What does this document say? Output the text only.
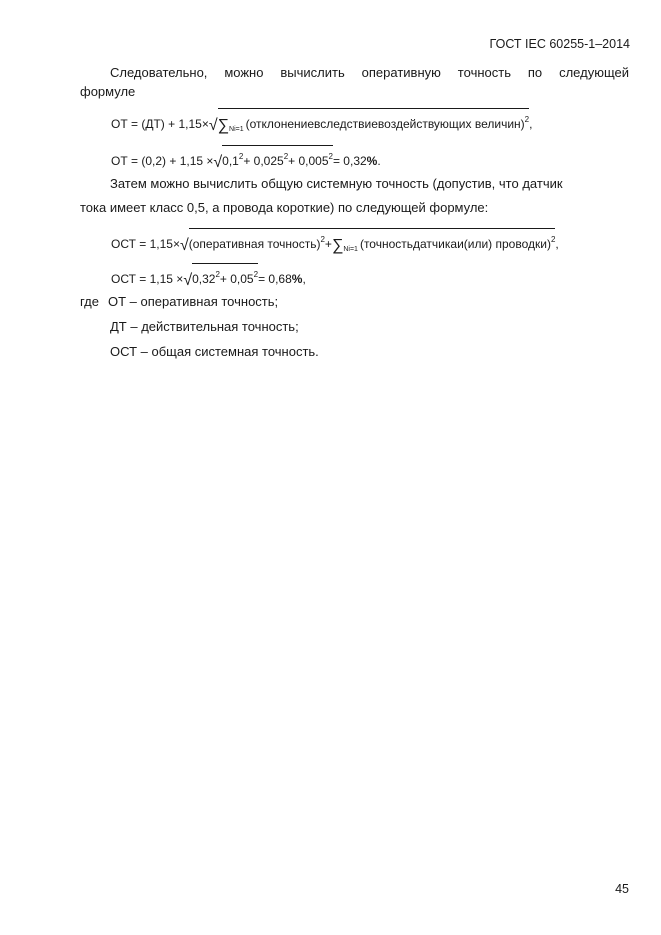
ГОСТ IEC 60255-1–2014
Следовательно, можно вычислить оперативную точность по следующей
формуле
ОТ = (ДТ) + 1,15×√∑Ni=1 (отклонениевследствиевоздействующих величин)2,
ОТ = (0,2) + 1,15 ×√0,12+ 0,0252+ 0,0052= 0,32%.
Затем можно вычислить общую системную точность (допустив, что датчик
тока имеет класс 0,5, а провода короткие) по следующей формуле:
ОСТ = 1,15×√(оперативная точность)2+∑Ni=1 (точностьдатчикаи(или) проводки)2,
ОСТ = 1,15 ×√0,322+ 0,052= 0,68%,
где ОТ – оперативная точность;
ДТ – действительная точность;
ОСТ – общая системная точность.
45
